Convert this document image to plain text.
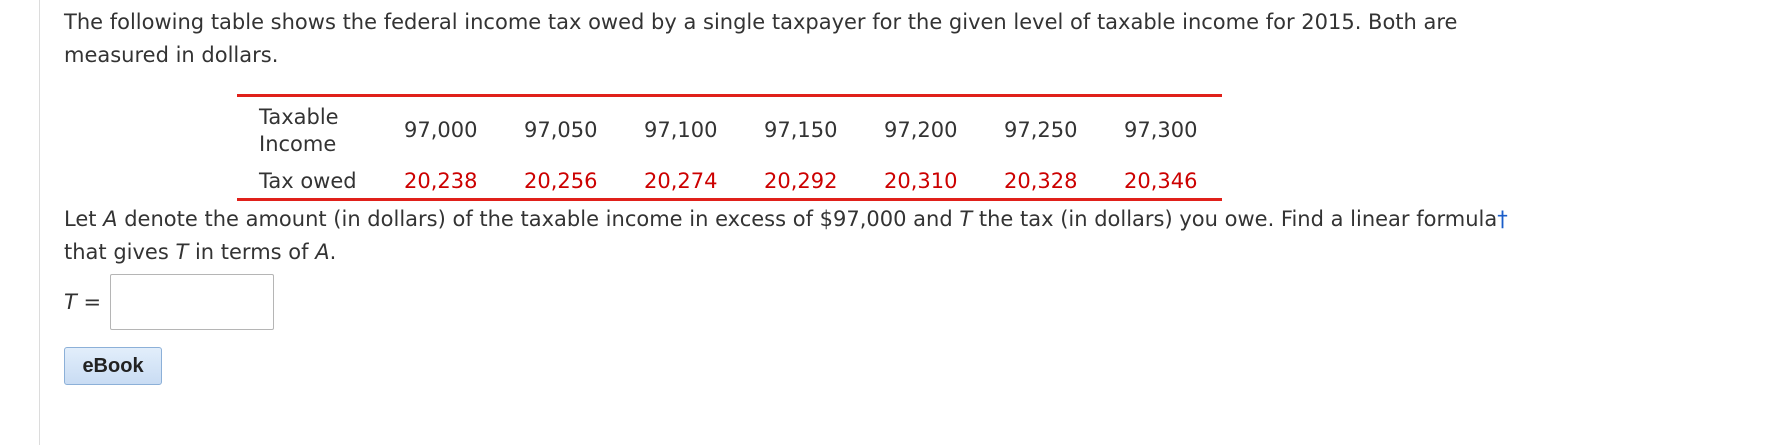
The following table shows the federal income tax owed by a single taxpayer for the given level of taxable income for 2015. Both are measured in dollars.
Taxable
Income
97,000 97,050 97,100 97,150 97,200 97,250 97,300
Tax owed 20,238 20,256 20,274 20,292 20,310 20,328 20,346
Let A denote the amount (in dollars) of the taxable income in excess of $97,000 and T the tax (in dollars) you owe. Find a linear formula† that gives T in terms of A.
T =
eBook
